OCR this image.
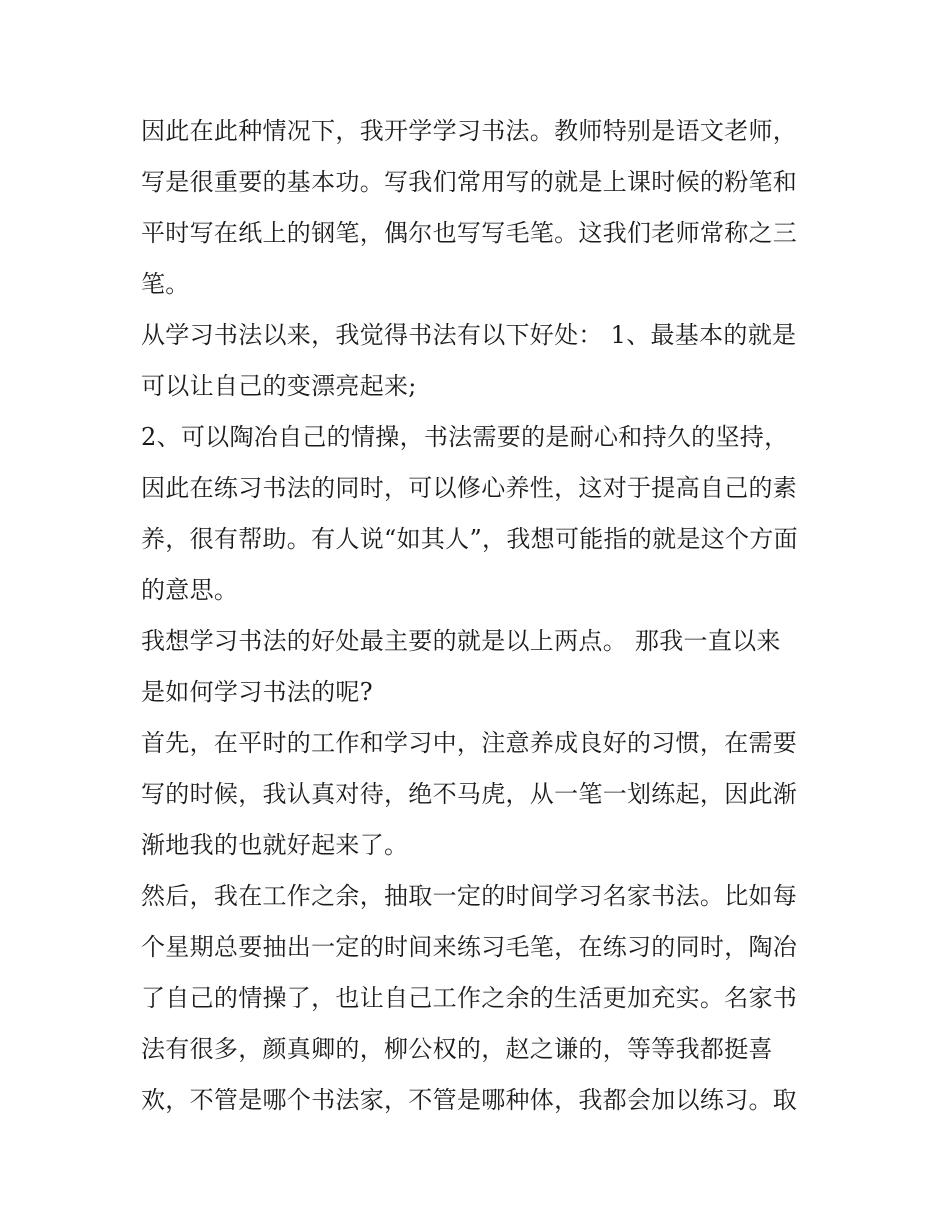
因此在此种情况下，我开学学习书法。教师特别是语文老师，
写是很重要的基本功。写我们常用写的就是上课时候的粉笔和
平时写在纸上的钢笔，偶尔也写写毛笔。这我们老师常称之三
笔。
从学习书法以来，我觉得书法有以下好处： 1、最基本的就是
可以让自己的变漂亮起来;
2、可以陶冶自己的情操，书法需要的是耐心和持久的坚持，
因此在练习书法的同时，可以修心养性，这对于提高自己的素
养，很有帮助。有人说“如其人”，我想可能指的就是这个方面
的意思。
我想学习书法的好处最主要的就是以上两点。 那我一直以来
是如何学习书法的呢?
首先，在平时的工作和学习中，注意养成良好的习惯，在需要
写的时候，我认真对待，绝不马虎，从一笔一划练起，因此渐
渐地我的也就好起来了。
然后，我在工作之余，抽取一定的时间学习名家书法。比如每
个星期总要抽出一定的时间来练习毛笔，在练习的同时，陶冶
了自己的情操了，也让自己工作之余的生活更加充实。名家书
法有很多，颜真卿的，柳公权的，赵之谦的，等等我都挺喜
欢，不管是哪个书法家，不管是哪种体，我都会加以练习。取
